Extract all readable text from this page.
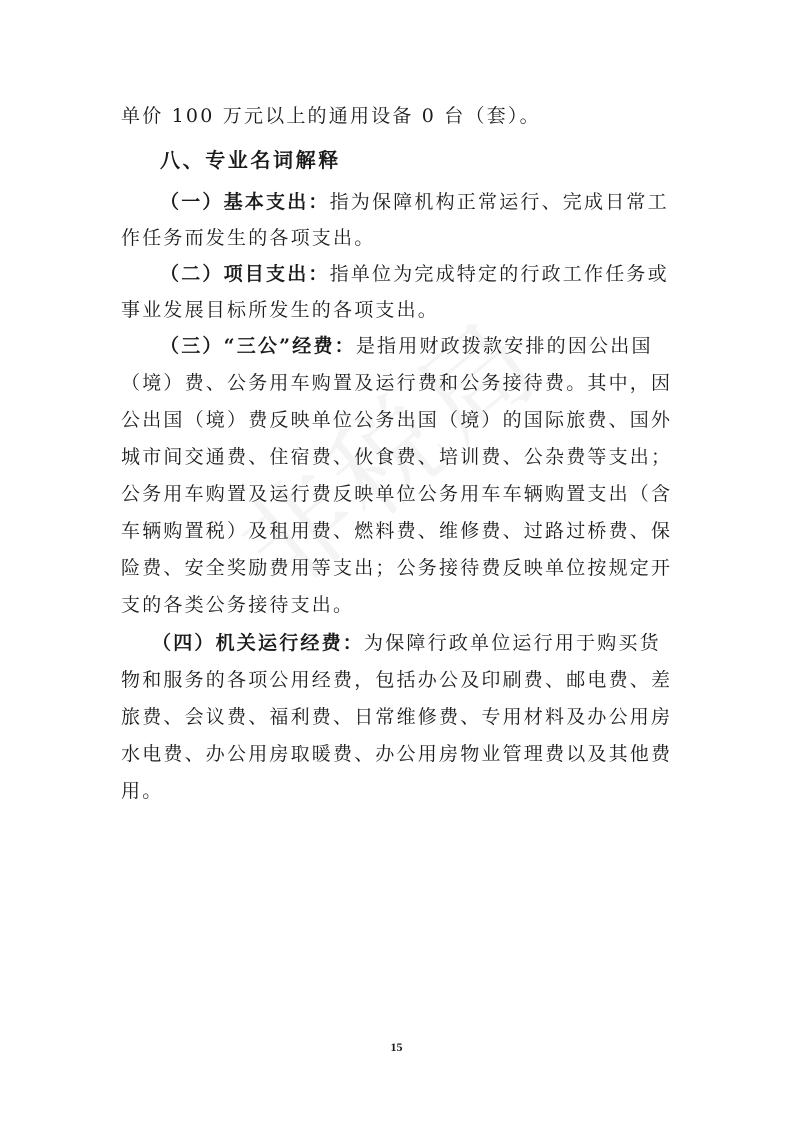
单价 100 万元以上的通用设备 0 台（套）。
八、专业名词解释
（一）基本支出：指为保障机构正常运行、完成日常工
作任务而发生的各项支出。
（二）项目支出：指单位为完成特定的行政工作任务或
事业发展目标所发生的各项支出。
（三）“三公”经费：是指用财政拨款安排的因公出国
（境）费、公务用车购置及运行费和公务接待费。其中，因
公出国（境）费反映单位公务出国（境）的国际旅费、国外
城市间交通费、住宿费、伙食费、培训费、公杂费等支出；
公务用车购置及运行费反映单位公务用车车辆购置支出（含
车辆购置税）及租用费、燃料费、维修费、过路过桥费、保
险费、安全奖励费用等支出；公务接待费反映单位按规定开
支的各类公务接待支出。
（四）机关运行经费：为保障行政单位运行用于购买货
物和服务的各项公用经费，包括办公及印刷费、邮电费、差
旅费、会议费、福利费、日常维修费、专用材料及办公用房
水电费、办公用房取暖费、办公用房物业管理费以及其他费
用。
15
